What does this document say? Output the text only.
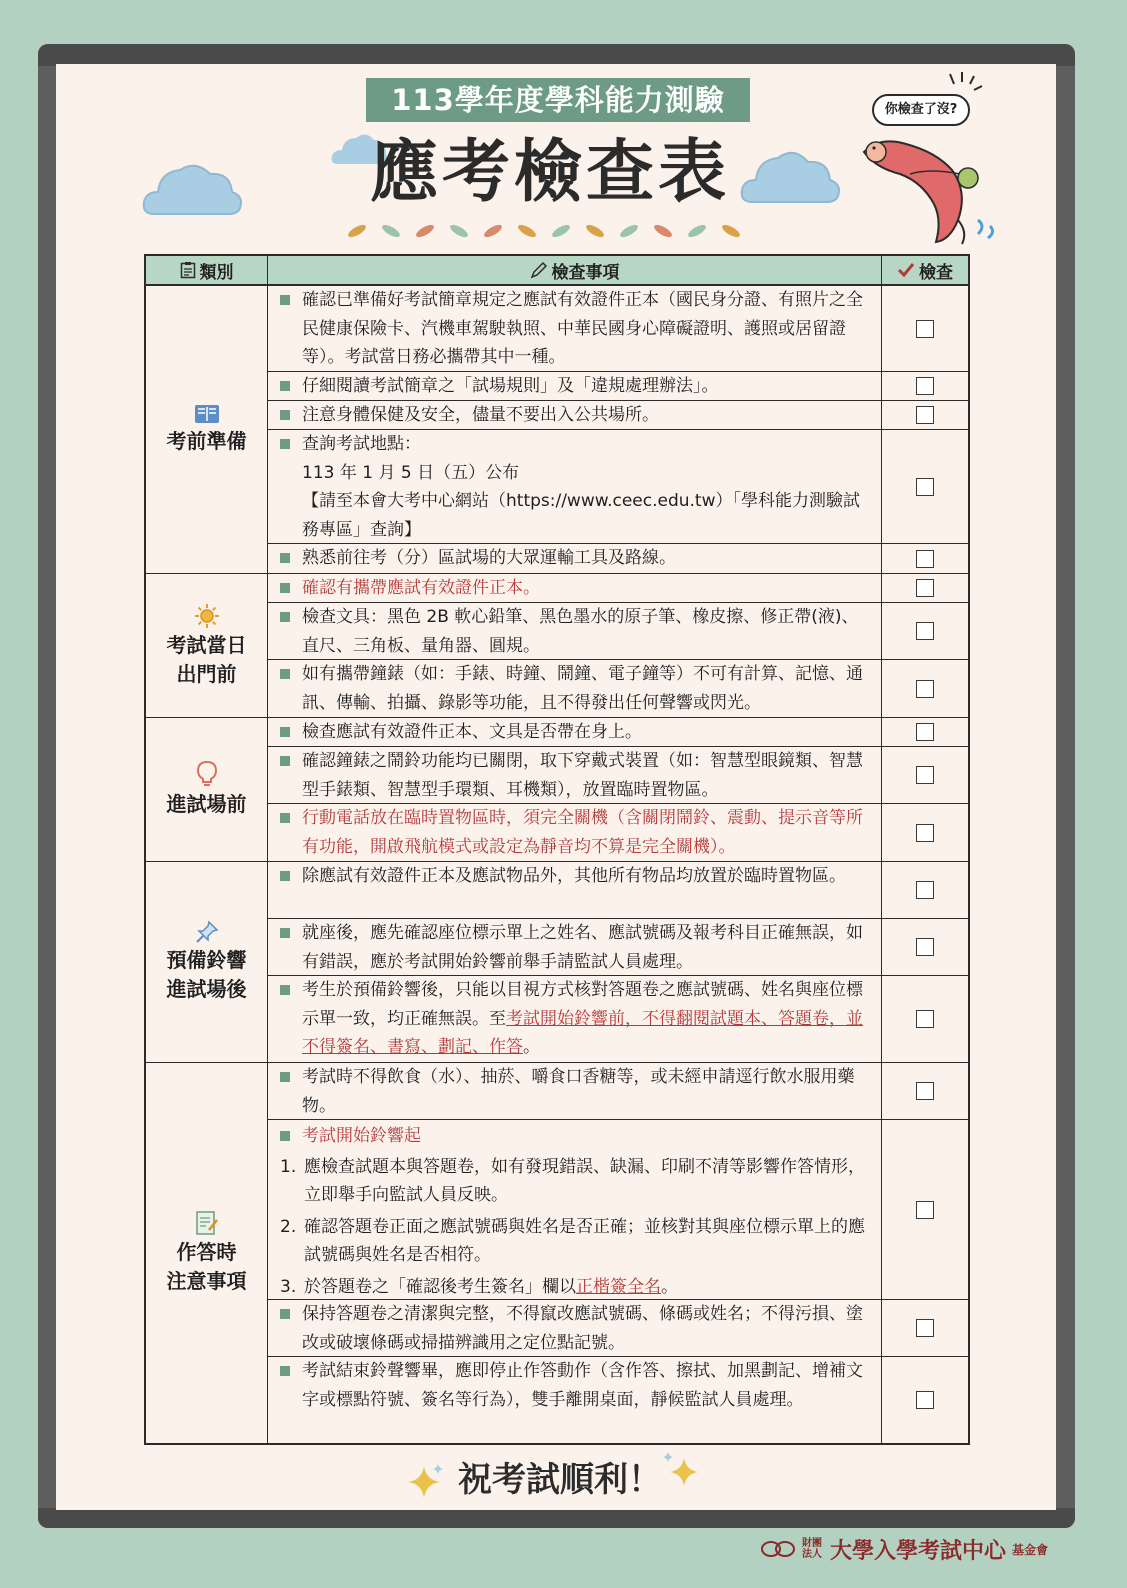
113學年度學科能力測驗
應考檢查表
你檢查了沒?
類別	檢查事項	檢查
考前準備
確認已準備好考試簡章規定之應試有效證件正本（國民身分證、有照片之全民健康保險卡、汽機車駕駛執照、中華民國身心障礙證明、護照或居留證等）。考試當日務必攜帶其中一種。
仔細閱讀考試簡章之「試場規則」及「違規處理辦法」。
注意身體保健及安全，儘量不要出入公共場所。
查詢考試地點：
113 年 1 月 5 日（五）公布
【請至本會大考中心網站（https://www.ceec.edu.tw）「學科能力測驗試務專區」查詢】
熟悉前往考（分）區試場的大眾運輸工具及路線。
考試當日
出門前
確認有攜帶應試有效證件正本。
檢查文具：黑色 2B 軟心鉛筆、黑色墨水的原子筆、橡皮擦、修正帶(液)、直尺、三角板、量角器、圓規。
如有攜帶鐘錶（如：手錶、時鐘、鬧鐘、電子鐘等）不可有計算、記憶、通訊、傳輸、拍攝、錄影等功能，且不得發出任何聲響或閃光。
進試場前
檢查應試有效證件正本、文具是否帶在身上。
確認鐘錶之鬧鈴功能均已關閉，取下穿戴式裝置（如：智慧型眼鏡類、智慧型手錶類、智慧型手環類、耳機類），放置臨時置物區。
行動電話放在臨時置物區時，須完全關機（含關閉鬧鈴、震動、提示音等所有功能，開啟飛航模式或設定為靜音均不算是完全關機）。
預備鈴響
進試場後
除應試有效證件正本及應試物品外，其他所有物品均放置於臨時置物區。
就座後，應先確認座位標示單上之姓名、應試號碼及報考科目正確無誤，如有錯誤，應於考試開始鈴響前舉手請監試人員處理。
考生於預備鈴響後，只能以目視方式核對答題卷之應試號碼、姓名與座位標示單一致，均正確無誤。至考試開始鈴響前，不得翻閱試題本、答題卷，並不得簽名、書寫、劃記、作答。
作答時
注意事項
考試時不得飲食（水）、抽菸、嚼食口香糖等，或未經申請逕行飲水服用藥物。
考試開始鈴響起
1. 應檢查試題本與答題卷，如有發現錯誤、缺漏、印刷不清等影響作答情形，立即舉手向監試人員反映。
2. 確認答題卷正面之應試號碼與姓名是否正確；並核對其與座位標示單上的應試號碼與姓名是否相符。
3. 於答題卷之「確認後考生簽名」欄以正楷簽全名。
保持答題卷之清潔與完整，不得竄改應試號碼、條碼或姓名；不得污損、塗改或破壞條碼或掃描辨識用之定位點記號。
考試結束鈴聲響畢，應即停止作答動作（含作答、擦拭、加黑劃記、增補文字或標點符號、簽名等行為），雙手離開桌面，靜候監試人員處理。
祝考試順利！
財團法人 大學入學考試中心 基金會
